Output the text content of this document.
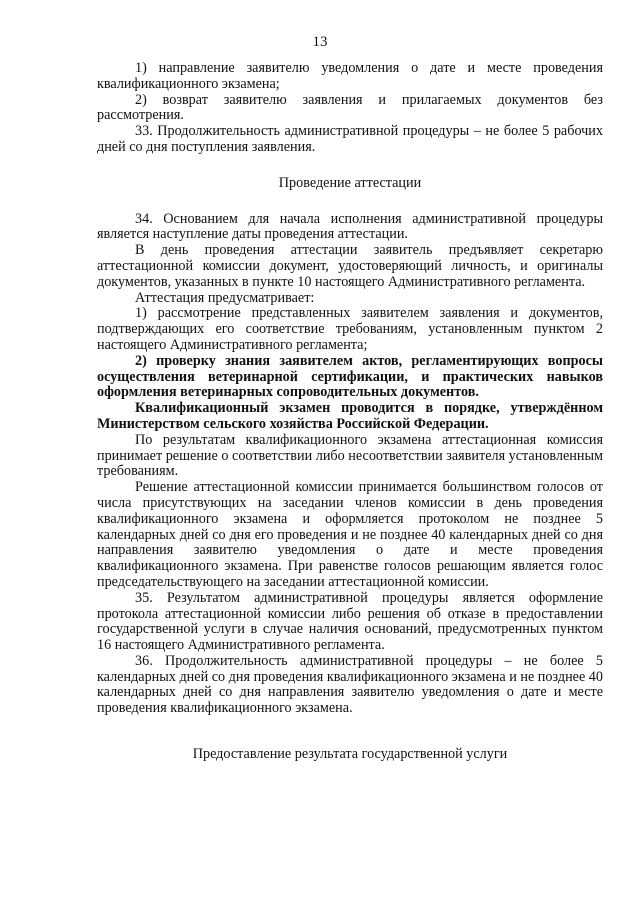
13

1) направление заявителю уведомления о дате и месте проведения квалификационного экзамена;

2) возврат заявителю заявления и прилагаемых документов без рассмотрения.

33. Продолжительность административной процедуры – не более 5 рабочих дней со дня поступления заявления.

Проведение аттестации

34. Основанием для начала исполнения административной процедуры является наступление даты проведения аттестации.

В день проведения аттестации заявитель предъявляет секретарю аттестационной комиссии документ, удостоверяющий личность, и оригиналы документов, указанных в пункте 10 настоящего Административного регламента.

Аттестация предусматривает:

1) рассмотрение представленных заявителем заявления и документов, подтверждающих его соответствие требованиям, установленным пунктом 2 настоящего Административного регламента;

2) проверку знания заявителем актов, регламентирующих вопросы осуществления ветеринарной сертификации, и практических навыков оформления ветеринарных сопроводительных документов.

Квалификационный экзамен проводится в порядке, утверждённом Министерством сельского хозяйства Российской Федерации.

По результатам квалификационного экзамена аттестационная комиссия принимает решение о соответствии либо несоответствии заявителя установленным требованиям.

Решение аттестационной комиссии принимается большинством голосов от числа присутствующих на заседании членов комиссии в день проведения квалификационного экзамена и оформляется протоколом не позднее 5 календарных дней со дня его проведения и не позднее 40 календарных дней со дня направления заявителю уведомления о дате и месте проведения квалификационного экзамена. При равенстве голосов решающим является голос председательствующего на заседании аттестационной комиссии.

35. Результатом административной процедуры является оформление протокола аттестационной комиссии либо решения об отказе в предоставлении государственной услуги в случае наличия оснований, предусмотренных пунктом 16 настоящего Административного регламента.

36. Продолжительность административной процедуры – не более 5 календарных дней со дня проведения квалификационного экзамена и не позднее 40 календарных дней со дня направления заявителю уведомления о дате и месте проведения квалификационного экзамена.

Предоставление результата государственной услуги
